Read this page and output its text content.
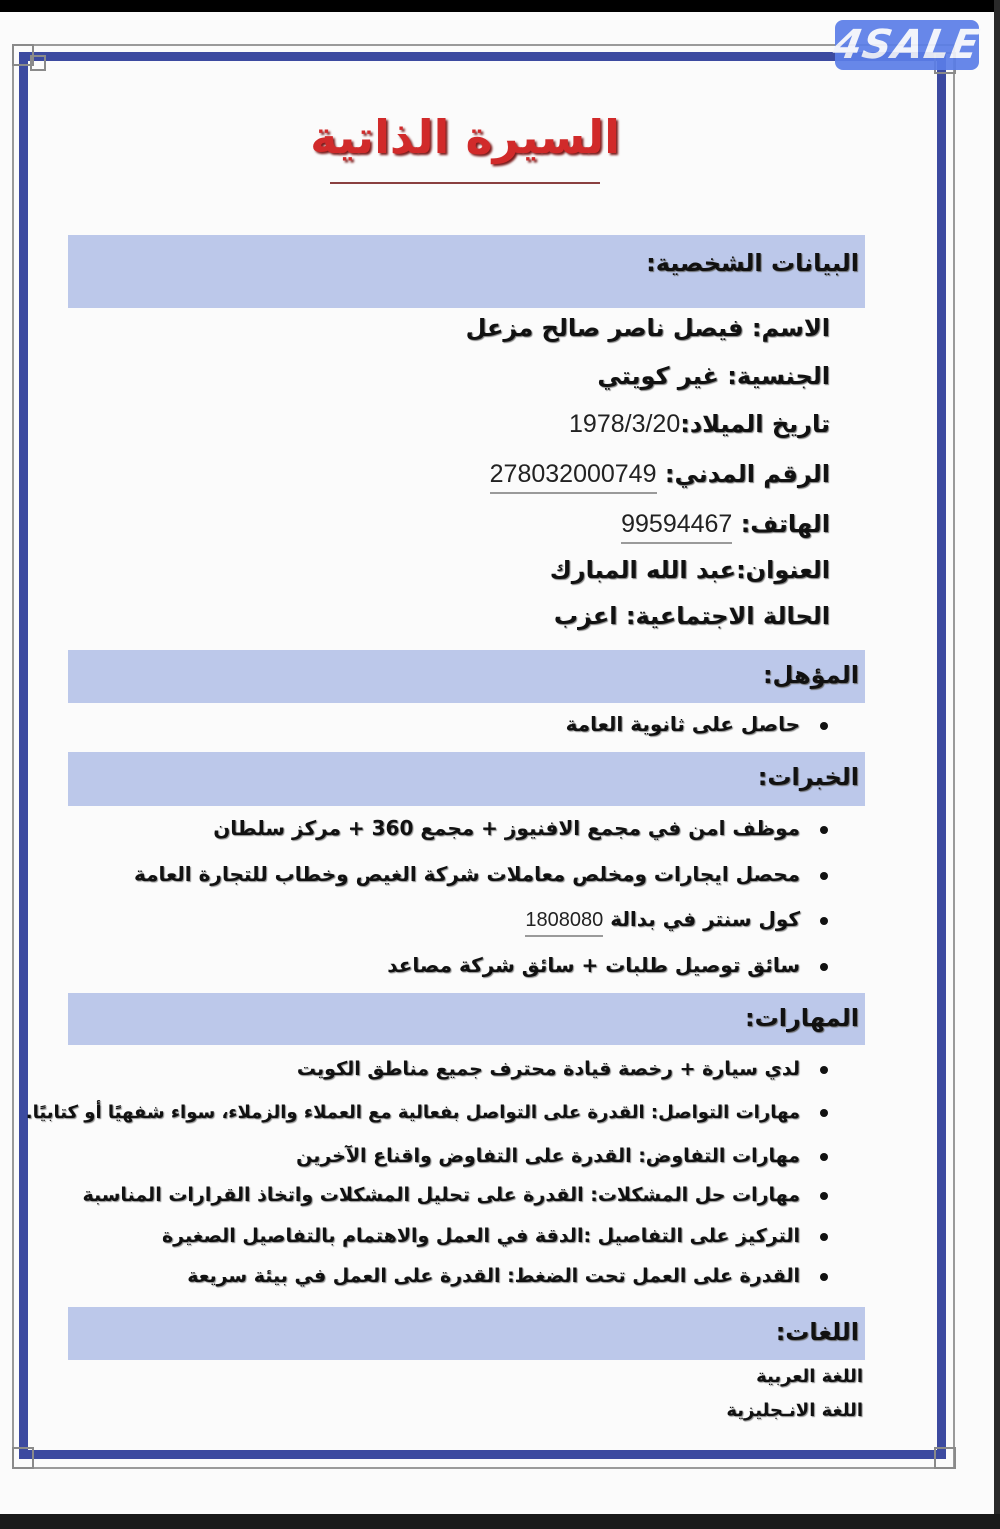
4SALE
السيرة الذاتية
البيانات الشخصية:
الاسم: فيصل ناصر صالح مزعل
الجنسية: غير كويتي
تاريخ الميلاد:1978/3/20
الرقم المدني: 278032000749
الهاتف: 99594467
العنوان:عبد الله المبارك
الحالة الاجتماعية: اعزب
المؤهل:
حاصل على ثانوية العامة
الخبرات:
موظف امن في مجمع الافنيوز + مجمع 360 + مركز سلطان
محصل ايجارات ومخلص معاملات شركة الغيص وخطاب للتجارة العامة
كول سنتر في بدالة 1808080
سائق توصيل طلبات + سائق شركة مصاعد
المهارات:
لدي سيارة + رخصة قيادة محترف جميع مناطق الكويت
مهارات التواصل: القدرة على التواصل بفعالية مع العملاء والزملاء، سواء شفهيًا أو كتابيًا.
مهارات التفاوض: القدرة على التفاوض واقناع الآخرين
مهارات حل المشكلات: القدرة على تحليل المشكلات واتخاذ القرارات المناسبة
التركيز على التفاصيل :الدقة في العمل والاهتمام بالتفاصيل الصغيرة
القدرة على العمل تحت الضغط: القدرة على العمل في بيئة سريعة
اللغات:
اللغة العربية
اللغة الانـجليزية
